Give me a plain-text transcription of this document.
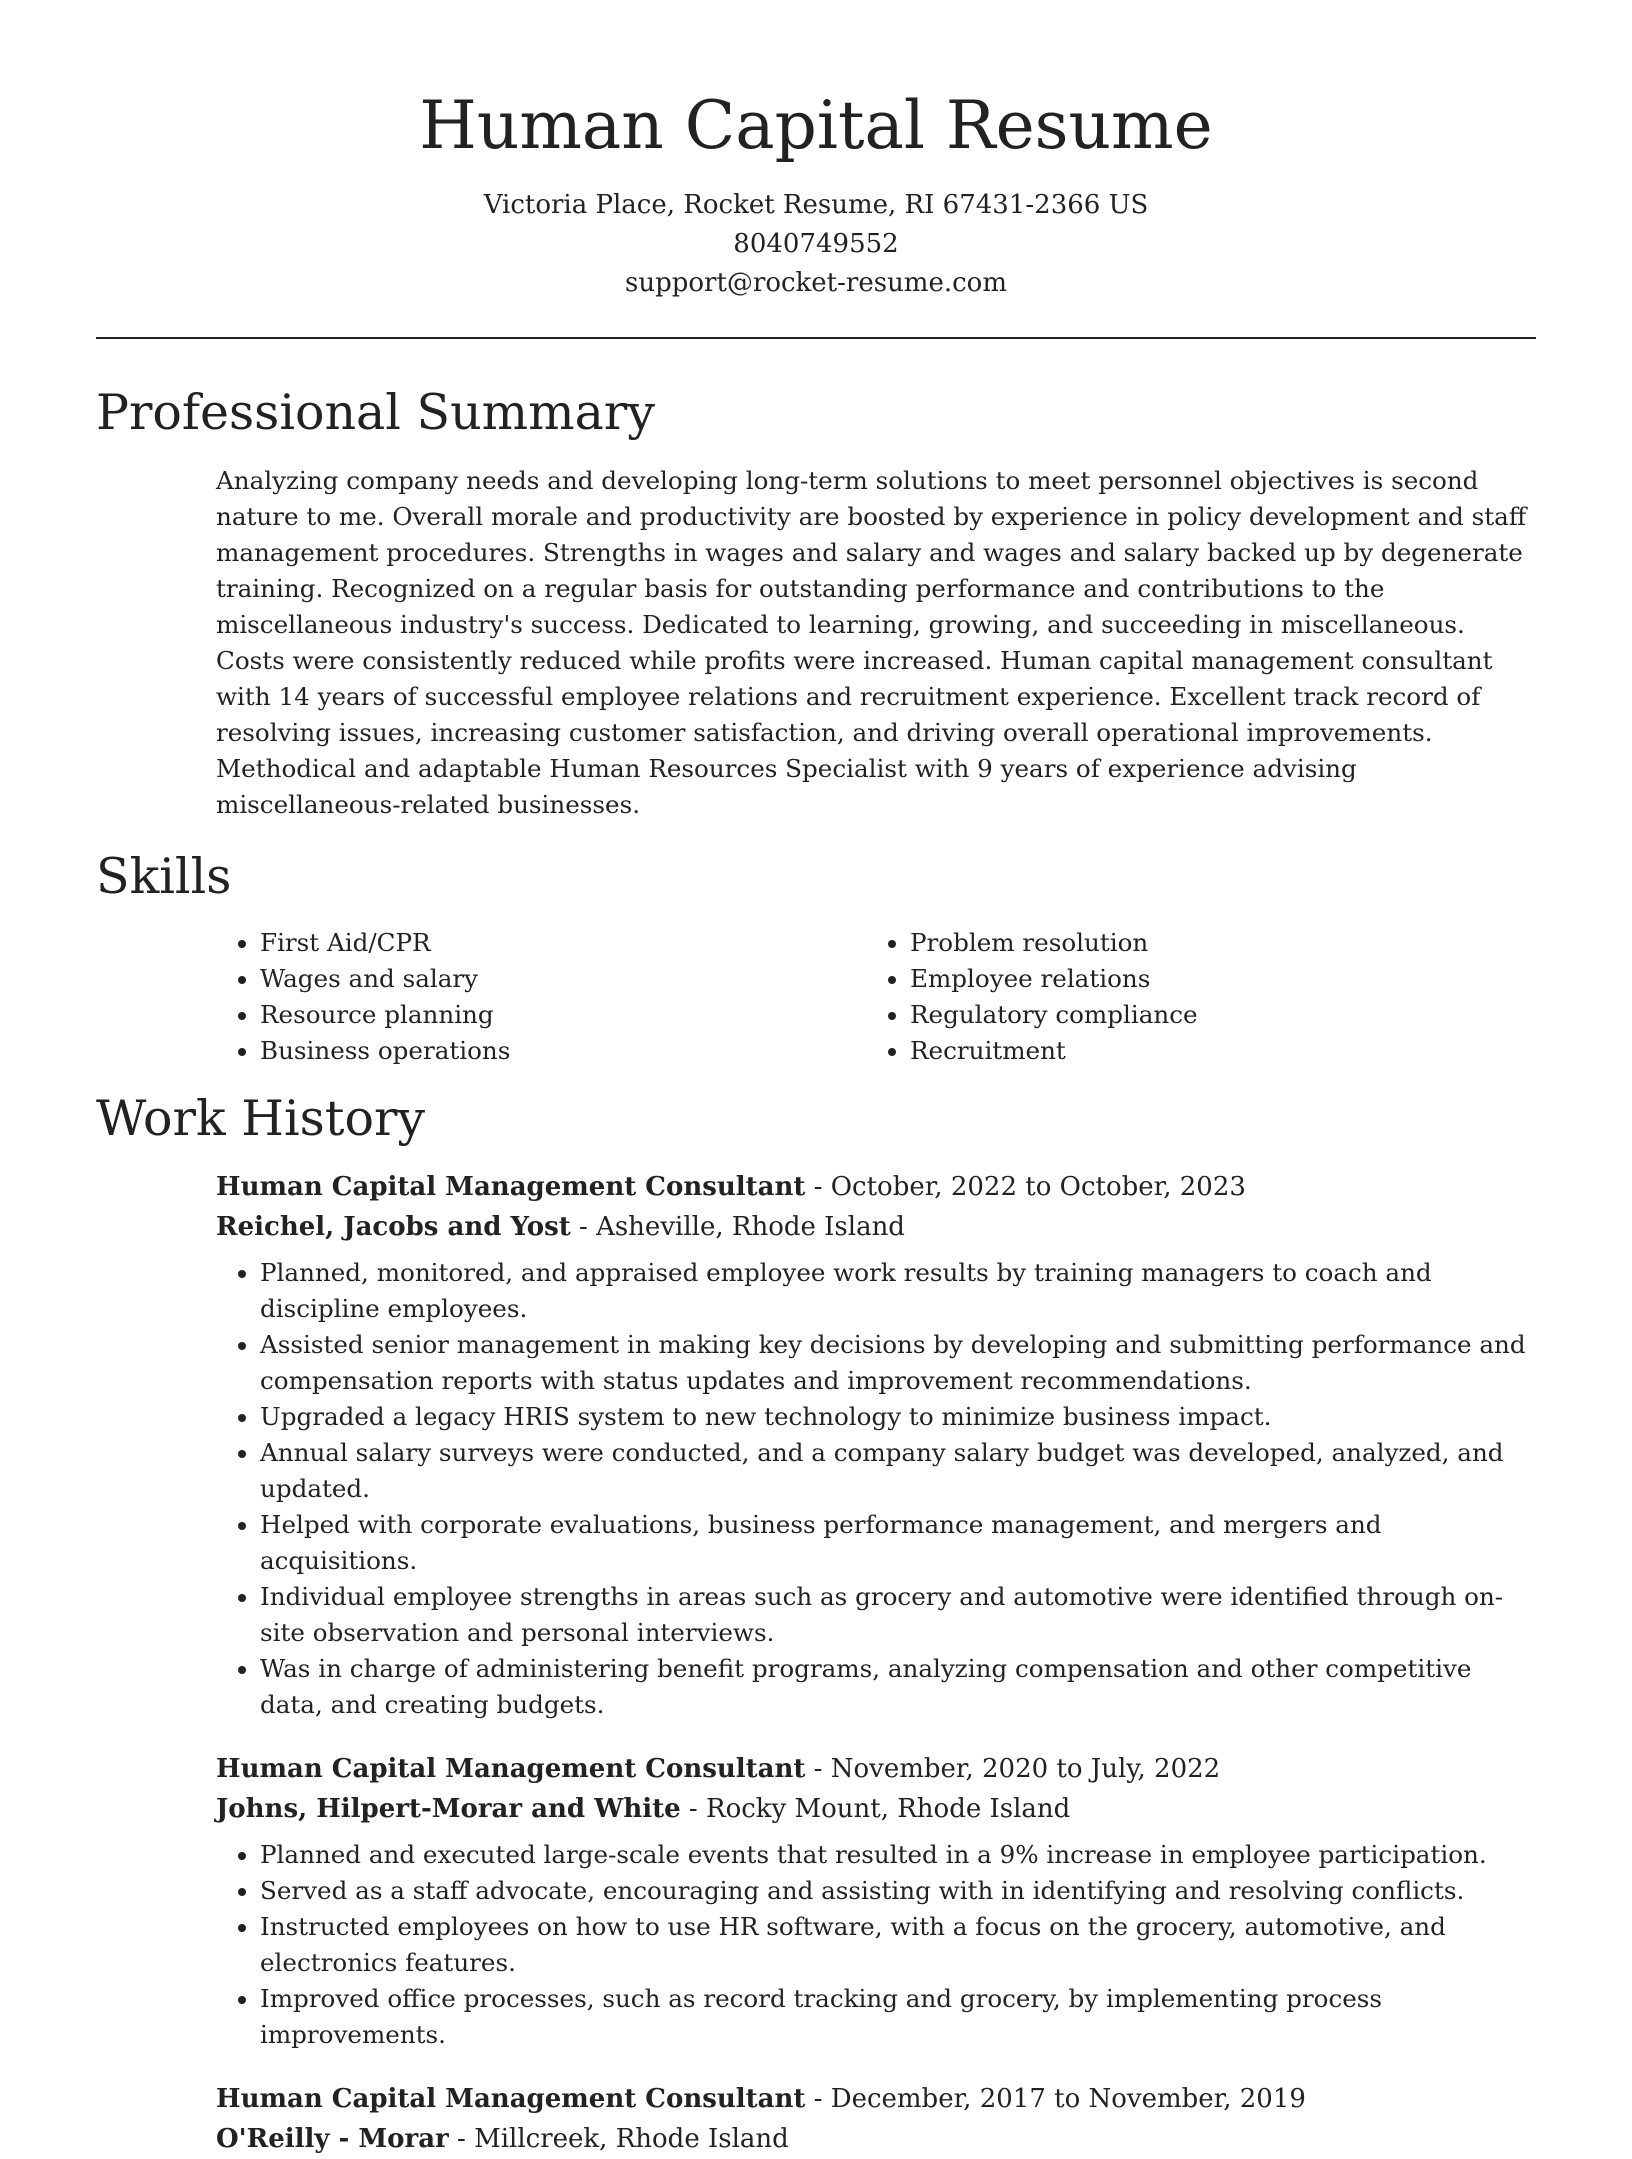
Human Capital Resume
Victoria Place, Rocket Resume, RI 67431-2366 US
8040749552
support@rocket-resume.com
Professional Summary

Analyzing company needs and developing long-term solutions to meet personnel objectives is second nature to me. Overall morale and productivity are boosted by experience in policy development and staff management procedures. Strengths in wages and salary and wages and salary backed up by degenerate training. Recognized on a regular basis for outstanding performance and contributions to the miscellaneous industry's success. Dedicated to learning, growing, and succeeding in miscellaneous. Costs were consistently reduced while profits were increased. Human capital management consultant with 14 years of successful employee relations and recruitment experience. Excellent track record of resolving issues, increasing customer satisfaction, and driving overall operational improvements. Methodical and adaptable Human Resources Specialist with 9 years of experience advising miscellaneous-related businesses.

Skills
• First Aid/CPR
• Wages and salary
• Resource planning
• Business operations
• Problem resolution
• Employee relations
• Regulatory compliance
• Recruitment
Work History
Human Capital Management Consultant - October, 2022 to October, 2023
Reichel, Jacobs and Yost - Asheville, Rhode Island
• Planned, monitored, and appraised employee work results by training managers to coach and discipline employees.
• Assisted senior management in making key decisions by developing and submitting performance and compensation reports with status updates and improvement recommendations.
• Upgraded a legacy HRIS system to new technology to minimize business impact.
• Annual salary surveys were conducted, and a company salary budget was developed, analyzed, and updated.
• Helped with corporate evaluations, business performance management, and mergers and acquisitions.
• Individual employee strengths in areas such as grocery and automotive were identified through on-site observation and personal interviews.
• Was in charge of administering benefit programs, analyzing compensation and other competitive data, and creating budgets.
Human Capital Management Consultant - November, 2020 to July, 2022
Johns, Hilpert-Morar and White - Rocky Mount, Rhode Island
• Planned and executed large-scale events that resulted in a 9% increase in employee participation.
• Served as a staff advocate, encouraging and assisting with in identifying and resolving conflicts.
• Instructed employees on how to use HR software, with a focus on the grocery, automotive, and electronics features.
• Improved office processes, such as record tracking and grocery, by implementing process improvements.
Human Capital Management Consultant - December, 2017 to November, 2019
O'Reilly - Morar - Millcreek, Rhode Island
